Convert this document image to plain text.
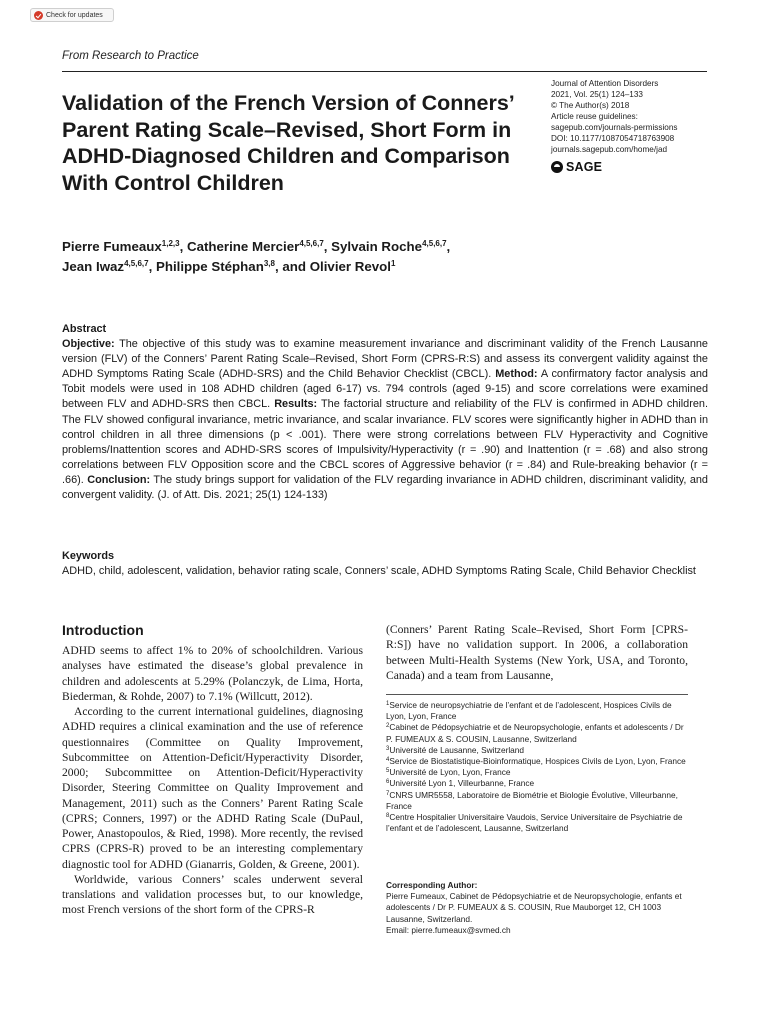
Check for updates
From Research to Practice
Validation of the French Version of Conners’ Parent Rating Scale–Revised, Short Form in ADHD-Diagnosed Children and Comparison With Control Children
Journal of Attention Disorders
2021, Vol. 25(1) 124–133
© The Author(s) 2018
Article reuse guidelines:
sagepub.com/journals-permissions
DOI: 10.1177/1087054718763908
journals.sagepub.com/home/jad
SAGE
Pierre Fumeaux$^{1,2,3}$, Catherine Mercier$^{4,5,6,7}$, Sylvain Roche$^{4,5,6,7}$,
Jean Iwaz$^{4,5,6,7}$, Philippe Stéphan$^{3,8}$, and Olivier Revol$^1$
Abstract
Objective: The objective of this study was to examine measurement invariance and discriminant validity of the French Lausanne version (FLV) of the Conners’ Parent Rating Scale–Revised, Short Form (CPRS-R:S) and assess its convergent validity against the ADHD Symptoms Rating Scale (ADHD-SRS) and the Child Behavior Checklist (CBCL). Method: A confirmatory factor analysis and Tobit models were used in 108 ADHD children (aged 6-17) vs. 794 controls (aged 9-15) and score correlations were examined between FLV and ADHD-SRS then CBCL. Results: The factorial structure and reliability of the FLV is confirmed in ADHD children. The FLV showed configural invariance, metric invariance, and scalar invariance. FLV scores were significantly higher in ADHD than in control children in all three dimensions (p < .001). There were strong correlations between FLV Hyperactivity and Cognitive problems/Inattention scores and ADHD-SRS scores of Impulsivity/Hyperactivity (r = .90) and Inattention (r = .68) and also strong correlations between FLV Opposition score and the CBCL scores of Aggressive behavior (r = .84) and Rule-breaking behavior (r = .66). Conclusion: The study brings support for validation of the FLV regarding invariance in ADHD children, discriminant validity, and convergent validity. (J. of Att. Dis. 2021; 25(1) 124-133)
Keywords
ADHD, child, adolescent, validation, behavior rating scale, Conners’ scale, ADHD Symptoms Rating Scale, Child Behavior Checklist
Introduction

ADHD seems to affect 1% to 20% of schoolchildren. Various analyses have estimated the disease’s global prevalence in children and adolescents at 5.29% (Polanczyk, de Lima, Horta, Biederman, & Rohde, 2007) to 7.1% (Willcutt, 2012).

According to the current international guidelines, diagnosing ADHD requires a clinical examination and the use of reference questionnaires (Committee on Quality Improvement, Subcommittee on Attention-Deficit/Hyperactivity Disorder, 2000; Subcommittee on Attention-Deficit/Hyperactivity Disorder, Steering Committee on Quality Improvement and Management, 2011) such as the Conners’ Parent Rating Scale (CPRS; Conners, 1997) or the ADHD Rating Scale (DuPaul, Power, Anastopoulos, & Ried, 1998). More recently, the revised CPRS (CPRS-R) proved to be an interesting complementary diagnostic tool for ADHD (Gianarris, Golden, & Greene, 2001).

Worldwide, various Conners’ scales underwent several translations and validation processes but, to our knowledge, most French versions of the short form of the CPRS-R

(Conners’ Parent Rating Scale–Revised, Short Form [CPRS-R:S]) have no validation support. In 2006, a collaboration between Multi-Health Systems (New York, USA, and Toronto, Canada) and a team from Lausanne,

$^1$Service de neuropsychiatrie de l’enfant et de l’adolescent, Hospices Civils de Lyon, Lyon, France
$^2$Cabinet de Pédopsychiatrie et de Neuropsychologie, enfants et adolescents / Dr P. FUMEAUX & S. COUSIN, Lausanne, Switzerland
$^3$Université de Lausanne, Switzerland
$^4$Service de Biostatistique-Bioinformatique, Hospices Civils de Lyon, Lyon, France
$^5$Université de Lyon, Lyon, France
$^6$Université Lyon 1, Villeurbanne, France
$^7$CNRS UMR5558, Laboratoire de Biométrie et Biologie Évolutive, Villeurbanne, France
$^8$Centre Hospitalier Universitaire Vaudois, Service Universitaire de Psychiatrie de l’enfant et de l’adolescent, Lausanne, Switzerland
Corresponding Author:
Pierre Fumeaux, Cabinet de Pédopsychiatrie et de Neuropsychologie, enfants et adolescents / Dr P. FUMEAUX & S. COUSIN, Rue Mauborget 12, CH 1003 Lausanne, Switzerland.
Email: pierre.fumeaux@svmed.ch
